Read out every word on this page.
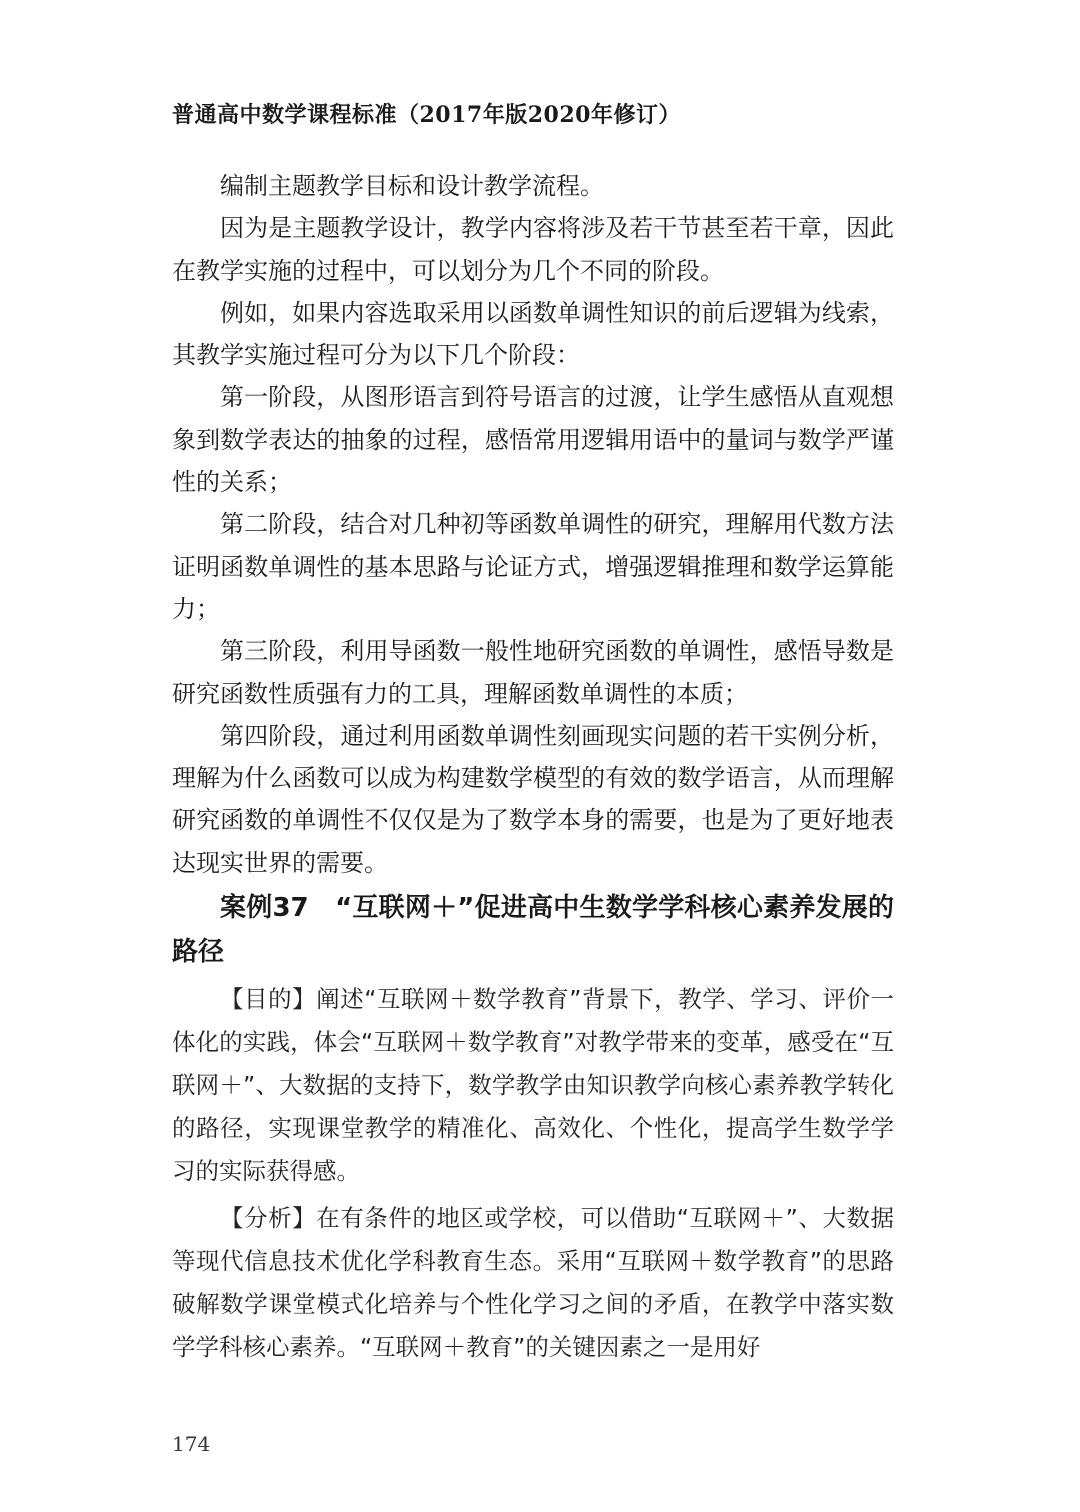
普通高中数学课程标准（2017年版2020年修订）

编制主题教学目标和设计教学流程。

因为是主题教学设计，教学内容将涉及若干节甚至若干章，因此在教学实施的过程中，可以划分为几个不同的阶段。

例如，如果内容选取采用以函数单调性知识的前后逻辑为线索，其教学实施过程可分为以下几个阶段：

第一阶段，从图形语言到符号语言的过渡，让学生感悟从直观想象到数学表达的抽象的过程，感悟常用逻辑用语中的量词与数学严谨性的关系；

第二阶段，结合对几种初等函数单调性的研究，理解用代数方法证明函数单调性的基本思路与论证方式，增强逻辑推理和数学运算能力；

第三阶段，利用导函数一般性地研究函数的单调性，感悟导数是研究函数性质强有力的工具，理解函数单调性的本质；

第四阶段，通过利用函数单调性刻画现实问题的若干实例分析，理解为什么函数可以成为构建数学模型的有效的数学语言，从而理解研究函数的单调性不仅仅是为了数学本身的需要，也是为了更好地表达现实世界的需要。

案例37　“互联网＋”促进高中生数学学科核心素养发展的路径

【目的】阐述“互联网＋数学教育”背景下，教学、学习、评价一体化的实践，体会“互联网＋数学教育”对教学带来的变革，感受在“互联网＋”、大数据的支持下，数学教学由知识教学向核心素养教学转化的路径，实现课堂教学的精准化、高效化、个性化，提高学生数学学习的实际获得感。

【分析】在有条件的地区或学校，可以借助“互联网＋”、大数据等现代信息技术优化学科教育生态。采用“互联网＋数学教育”的思路破解数学课堂模式化培养与个性化学习之间的矛盾，在教学中落实数学学科核心素养。“互联网＋教育”的关键因素之一是用好

174
